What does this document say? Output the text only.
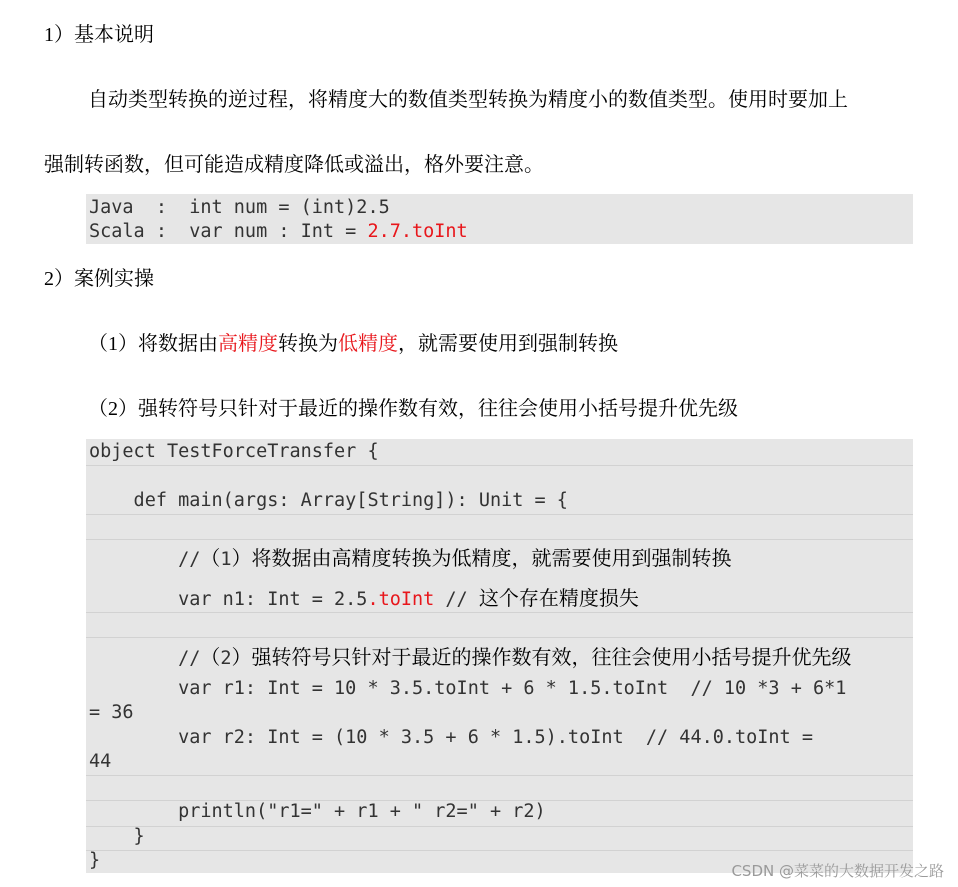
1）基本说明
自动类型转换的逆过程，将精度大的数值类型转换为精度小的数值类型。使用时要加上
强制转函数，但可能造成精度降低或溢出，格外要注意。
Java  :  int num = (int)2.5
Scala :  var num : Int = 2.7.toInt
2）案例实操
（1）将数据由高精度转换为低精度，就需要使用到强制转换
（2）强转符号只针对于最近的操作数有效，往往会使用小括号提升优先级
object TestForceTransfer {
def main(args: Array[String]): Unit = {
//（1）将数据由高精度转换为低精度，就需要使用到强制转换
var n1: Int = 2.5.toInt // 这个存在精度损失
//（2）强转符号只针对于最近的操作数有效，往往会使用小括号提升优先级
var r1: Int = 10 * 3.5.toInt + 6 * 1.5.toInt  // 10 *3 + 6*1
= 36
var r2: Int = (10 * 3.5 + 6 * 1.5).toInt  // 44.0.toInt =
44
println("r1=" + r1 + " r2=" + r2)
}
}	CSDN @菜菜的大数据开发之路
